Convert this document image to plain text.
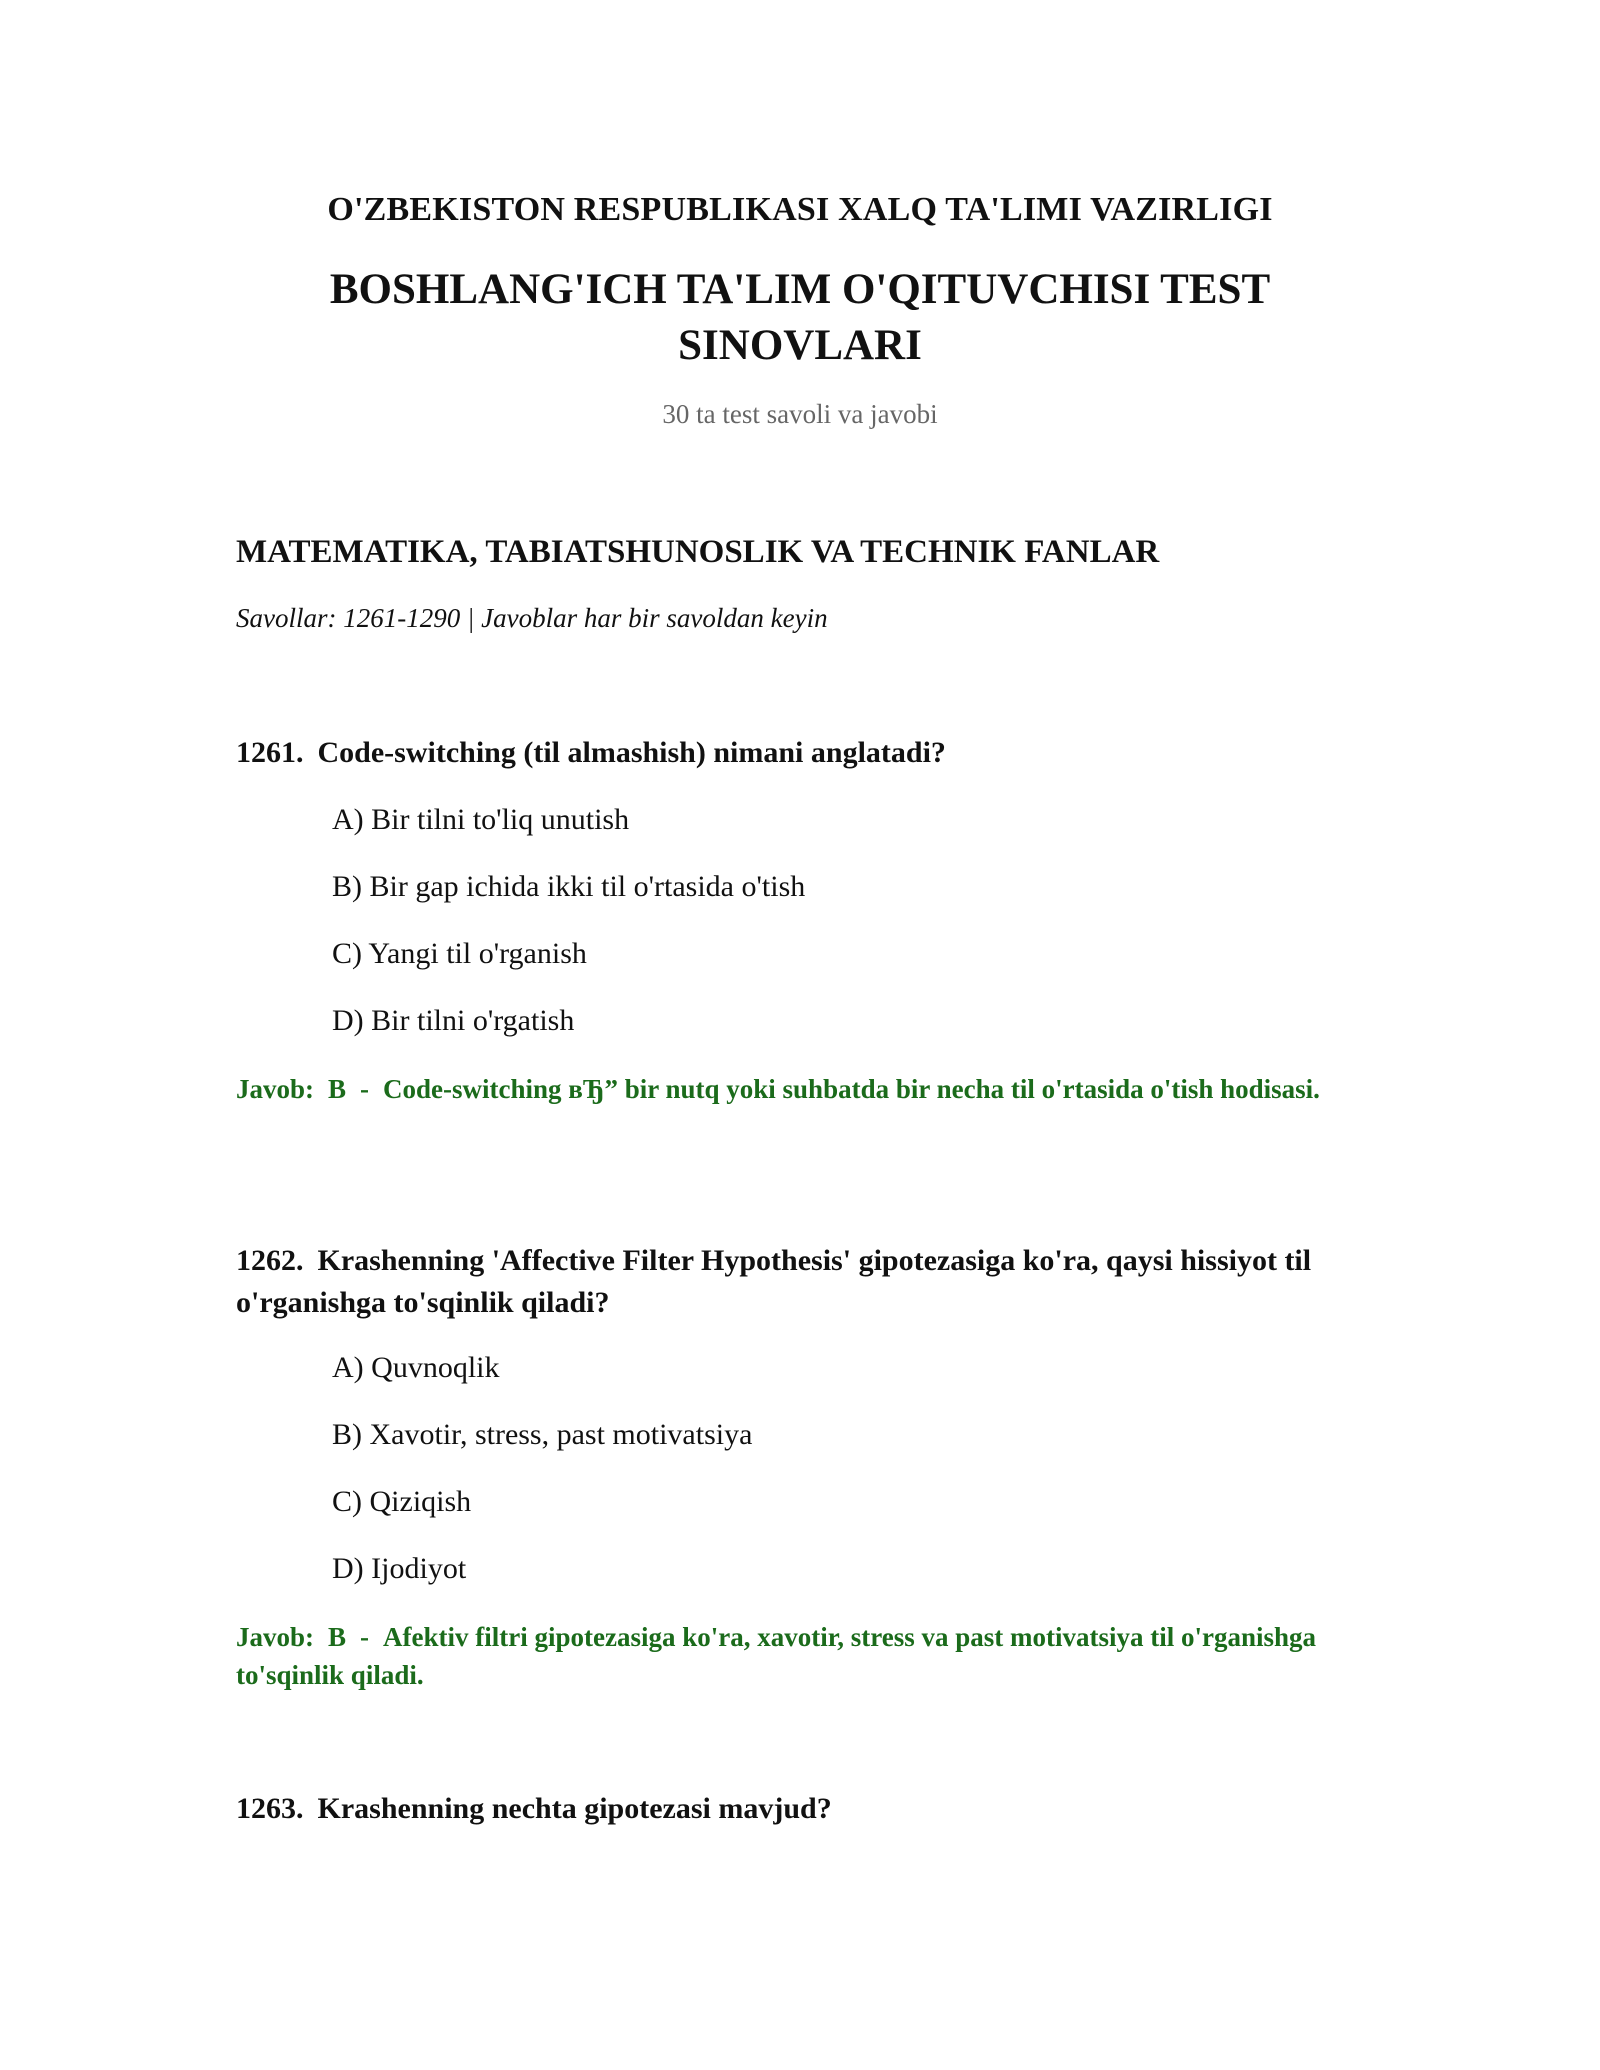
O'ZBEKISTON RESPUBLIKASI XALQ TA'LIMI VAZIRLIGI
BOSHLANG'ICH TA'LIM O'QITUVCHISI TEST SINOVLARI
30 ta test savoli va javobi
MATEMATIKA, TABIATSHUNOSLIK VA TECHNIK FANLAR
Savollar: 1261-1290 | Javoblar har bir savoldan keyin
1261. Code-switching (til almashish) nimani anglatadi?
A) Bir tilni to'liq unutish
B) Bir gap ichida ikki til o'rtasida o'tish
C) Yangi til o'rganish
D) Bir tilni o'rgatish
Javob: B - Code-switching вЂ” bir nutq yoki suhbatda bir necha til o'rtasida o'tish hodisasi.
1262. Krashenning 'Affective Filter Hypothesis' gipotezasiga ko'ra, qaysi hissiyot til o'rganishga to'sqinlik qiladi?
A) Quvnoqlik
B) Xavotir, stress, past motivatsiya
C) Qiziqish
D) Ijodiyot
Javob: B - Afektiv filtri gipotezasiga ko'ra, xavotir, stress va past motivatsiya til o'rganishga to'sqinlik qiladi.
1263. Krashenning nechta gipotezasi mavjud?
